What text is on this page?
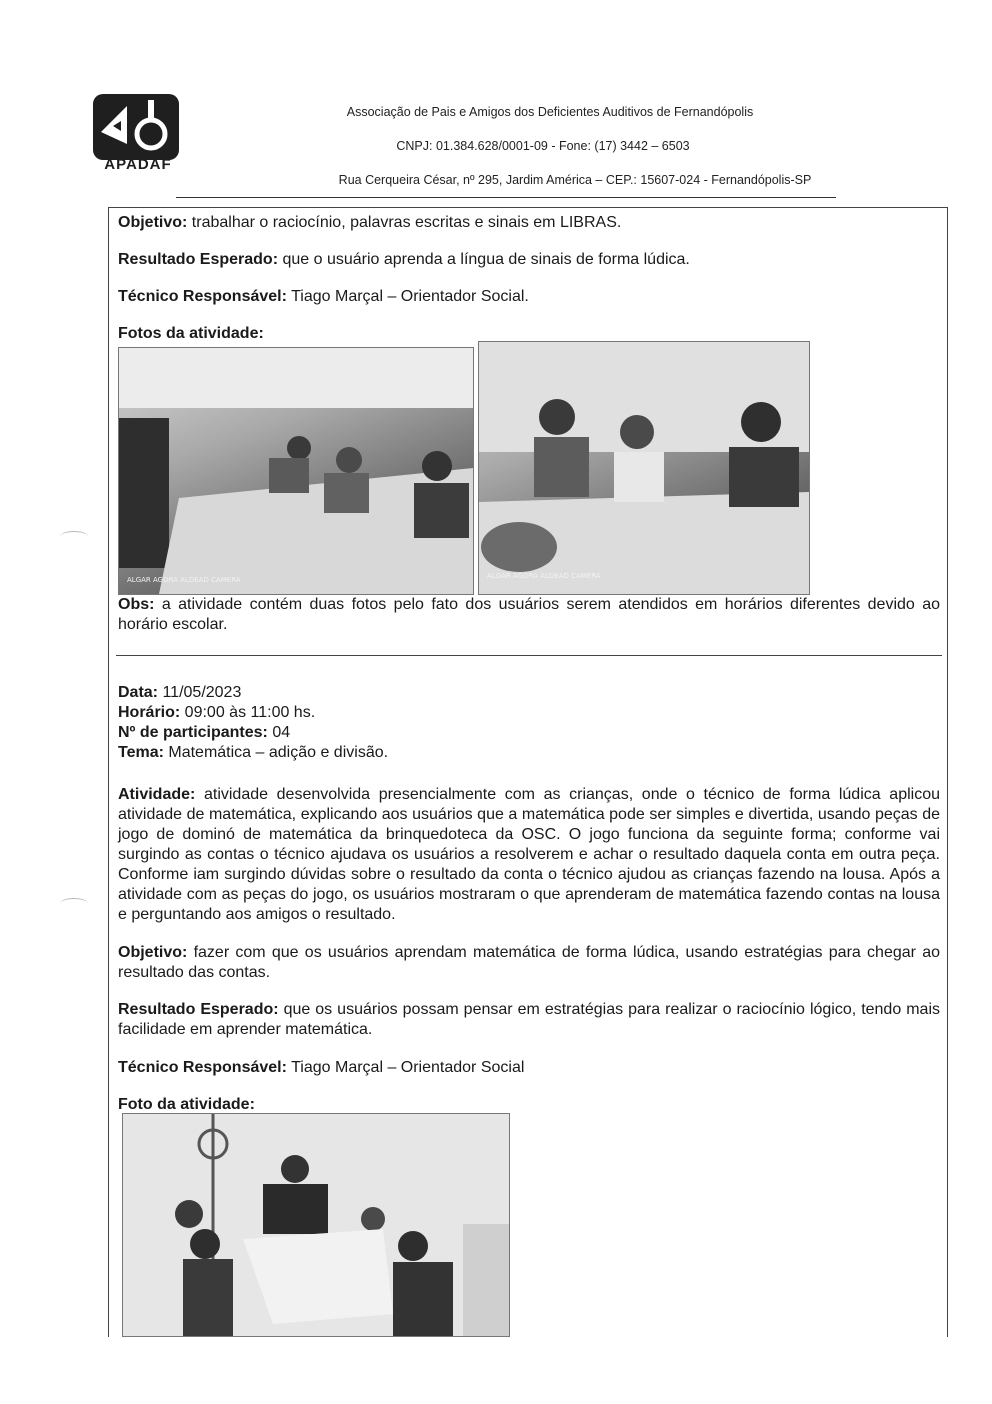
APADAF
Associação de Pais e Amigos dos Deficientes Auditivos de Fernandópolis
CNPJ: 01.384.628/0001-09 - Fone: (17) 3442 – 6503
Rua Cerqueira César, nº 295, Jardim América – CEP.: 15607-024 - Fernandópolis-SP

Objetivo: trabalhar o raciocínio, palavras escritas e sinais em LIBRAS.

Resultado Esperado: que o usuário aprenda a língua de sinais de forma lúdica.

Técnico Responsável: Tiago Marçal – Orientador Social.

Fotos da atividade:

ALGAR AGORA ALDEAD CAMERA	ALGAR AGORA ALDEAD CAMERA

Obs: a atividade contém duas fotos pelo fato dos usuários serem atendidos em horários diferentes devido ao horário escolar.

Data: 11/05/2023
Horário: 09:00 às 11:00 hs.
Nº de participantes: 04
Tema: Matemática – adição e divisão.

Atividade: atividade desenvolvida presencialmente com as crianças, onde o técnico de forma lúdica aplicou atividade de matemática, explicando aos usuários que a matemática pode ser simples e divertida, usando peças de jogo de dominó de matemática da brinquedoteca da OSC. O jogo funciona da seguinte forma; conforme vai surgindo as contas o técnico ajudava os usuários a resolverem e achar o resultado daquela conta em outra peça. Conforme iam surgindo dúvidas sobre o resultado da conta o técnico ajudou as crianças fazendo na lousa. Após a atividade com as peças do jogo, os usuários mostraram o que aprenderam de matemática fazendo contas na lousa e perguntando aos amigos o resultado.

Objetivo: fazer com que os usuários aprendam matemática de forma lúdica, usando estratégias para chegar ao resultado das contas.

Resultado Esperado: que os usuários possam pensar em estratégias para realizar o raciocínio lógico, tendo mais facilidade em aprender matemática.

Técnico Responsável: Tiago Marçal – Orientador Social

Foto da atividade:
